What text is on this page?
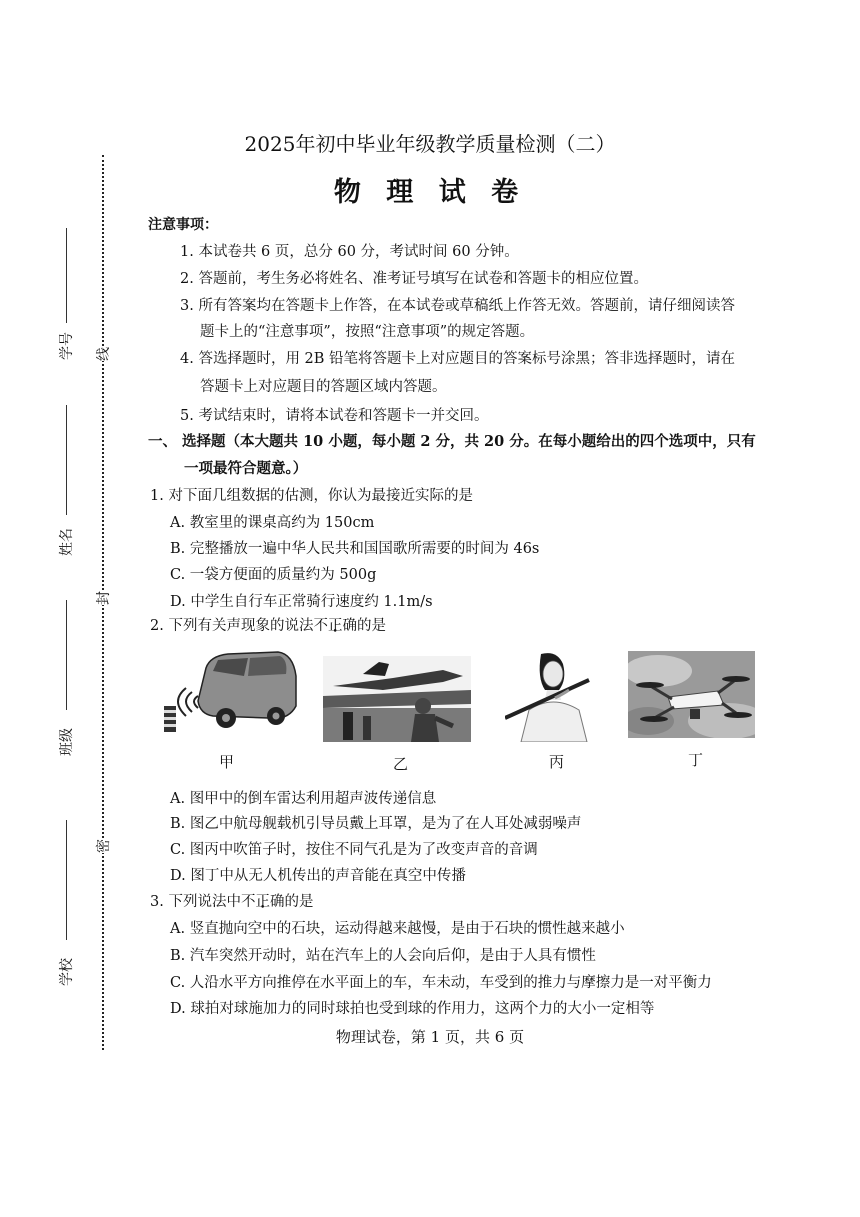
2025年初中毕业年级教学质量检测（二）
物 理 试 卷
线
封
密
学号
姓名
班级
学校
注意事项：
1. 本试卷共 6 页，总分 60 分，考试时间 60 分钟。
2. 答题前，考生务必将姓名、准考证号填写在试卷和答题卡的相应位置。
3. 所有答案均在答题卡上作答，在本试卷或草稿纸上作答无效。答题前，请仔细阅读答
题卡上的“注意事项”，按照“注意事项”的规定答题。
4. 答选择题时，用 2B 铅笔将答题卡上对应题目的答案标号涂黑；答非选择题时，请在
答题卡上对应题目的答题区域内答题。
5. 考试结束时，请将本试卷和答题卡一并交回。
一、 选择题（本大题共 10 小题，每小题 2 分，共 20 分。在每小题给出的四个选项中，只有
一项最符合题意。）
1. 对下面几组数据的估测，你认为最接近实际的是
A. 教室里的课桌高约为 150cm
B. 完整播放一遍中华人民共和国国歌所需要的时间为 46s
C. 一袋方便面的质量约为 500g
D. 中学生自行车正常骑行速度约 1.1m/s
2. 下列有关声现象的说法不正确的是
甲	乙	丙	丁
A. 图甲中的倒车雷达利用超声波传递信息
B. 图乙中航母舰载机引导员戴上耳罩，是为了在人耳处减弱噪声
C. 图丙中吹笛子时，按住不同气孔是为了改变声音的音调
D. 图丁中从无人机传出的声音能在真空中传播
3. 下列说法中不正确的是
A. 竖直抛向空中的石块，运动得越来越慢，是由于石块的惯性越来越小
B. 汽车突然开动时，站在汽车上的人会向后仰，是由于人具有惯性
C. 人沿水平方向推停在水平面上的车，车未动，车受到的推力与摩擦力是一对平衡力
D. 球拍对球施加力的同时球拍也受到球的作用力，这两个力的大小一定相等
物理试卷，第 1 页，共 6 页
